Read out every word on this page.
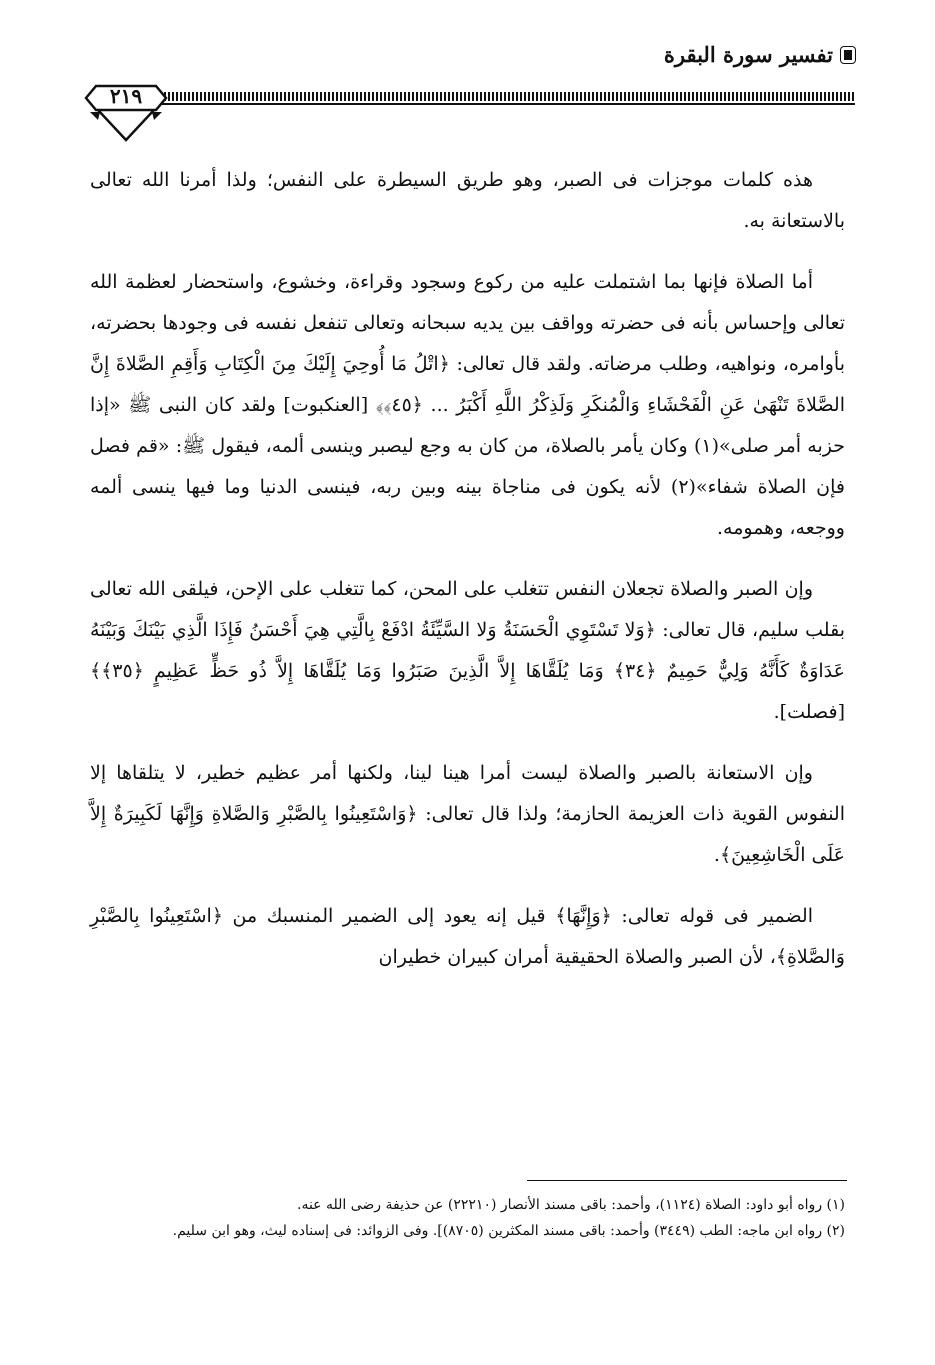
تفسير سورة البقرة
٢١٩

هذه كلمات موجزات فى الصبر، وهو طريق السيطرة على النفس؛ ولذا أمرنا الله تعالى بالاستعانة به.

أما الصلاة فإنها بما اشتملت عليه من ركوع وسجود وقراءة، وخشوع، واستحضار لعظمة الله تعالى وإحساس بأنه فى حضرته وواقف بين يديه سبحانه وتعالى تنفعل نفسه فى وجودها بحضرته، بأوامره، ونواهيه، وطلب مرضاته. ولقد قال تعالى: ﴿اتْلُ مَا أُوحِيَ إِلَيْكَ مِنَ الْكِتَابِ وَأَقِمِ الصَّلاةَ إِنَّ الصَّلاةَ تَنْهَىٰ عَنِ الْفَحْشَاءِ وَالْمُنكَرِ وَلَذِكْرُ اللَّهِ أَكْبَرُ ... ﴿٤٥﴾﴾ [العنكبوت] ولقد كان النبى ﷺ «إذا حزبه أمر صلى»(١) وكان يأمر بالصلاة، من كان به وجع ليصبر وينسى ألمه، فيقول ﷺ: «قم فصل فإن الصلاة شفاء»(٢) لأنه يكون فى مناجاة بينه وبين ربه، فينسى الدنيا وما فيها ينسى ألمه ووجعه، وهمومه.

وإن الصبر والصلاة تجعلان النفس تتغلب على المحن، كما تتغلب على الإحن، فيلقى الله تعالى بقلب سليم، قال تعالى: ﴿وَلا تَسْتَوِي الْحَسَنَةُ وَلا السَّيِّئَةُ ادْفَعْ بِالَّتِي هِيَ أَحْسَنُ فَإِذَا الَّذِي بَيْنَكَ وَبَيْنَهُ عَدَاوَةٌ كَأَنَّهُ وَلِيٌّ حَمِيمٌ ﴿٣٤﴾ وَمَا يُلَقَّاهَا إِلاَّ الَّذِينَ صَبَرُوا وَمَا يُلَقَّاهَا إِلاَّ ذُو حَظٍّ عَظِيمٍ ﴿٣٥﴾﴾ [فصلت].

وإن الاستعانة بالصبر والصلاة ليست أمرا هينا لينا، ولكنها أمر عظيم خطير، لا يتلقاها إلا النفوس القوية ذات العزيمة الحازمة؛ ولذا قال تعالى: ﴿وَاسْتَعِينُوا بِالصَّبْرِ وَالصَّلاةِ وَإِنَّهَا لَكَبِيرَةٌ إِلاَّ عَلَى الْخَاشِعِينَ﴾.

الضمير فى قوله تعالى: ﴿وَإِنَّهَا﴾ قيل إنه يعود إلى الضمير المنسبك من ﴿اسْتَعِينُوا بِالصَّبْرِ وَالصَّلاةِ﴾، لأن الصبر والصلاة الحقيقية أمران كبيران خطيران

(١) رواه أبو داود: الصلاة (١١٢٤)، وأحمد: باقى مسند الأنصار (٢٢٢١٠) عن حذيفة رضى الله عنه.

(٢) رواه ابن ماجه: الطب (٣٤٤٩) وأحمد: باقى مسند المكثرين (٨٧٠٥)]. وفى الزوائد: فى إسناده ليث، وهو ابن سليم.
